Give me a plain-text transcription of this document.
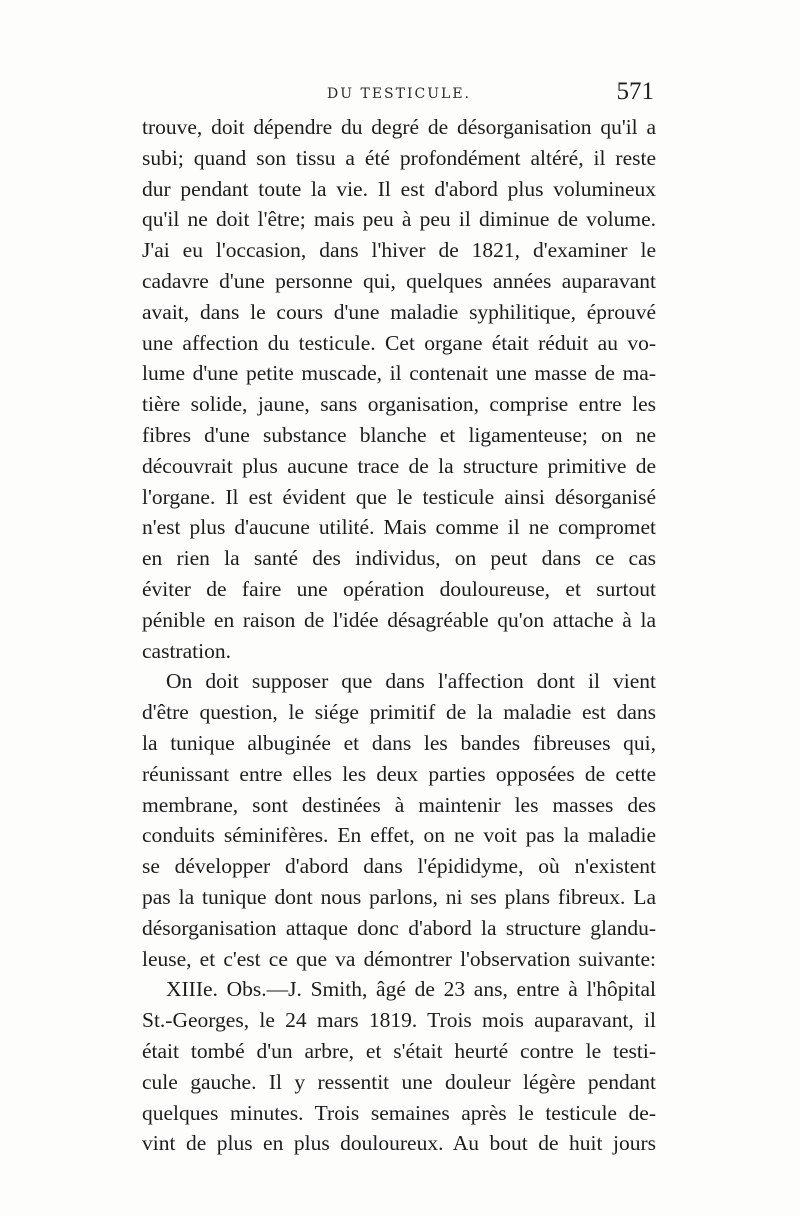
DU TESTICULE.	571
trouve, doit dépendre du degré de désorganisation qu'il a
subi; quand son tissu a été profondément altéré, il reste
dur pendant toute la vie. Il est d'abord plus volumineux
qu'il ne doit l'être; mais peu à peu il diminue de volume.
J'ai eu l'occasion, dans l'hiver de 1821, d'examiner le
cadavre d'une personne qui, quelques années auparavant
avait, dans le cours d'une maladie syphilitique, éprouvé
une affection du testicule. Cet organe était réduit au vo-
lume d'une petite muscade, il contenait une masse de ma-
tière solide, jaune, sans organisation, comprise entre les
fibres d'une substance blanche et ligamenteuse; on ne
découvrait plus aucune trace de la structure primitive de
l'organe. Il est évident que le testicule ainsi désorganisé
n'est plus d'aucune utilité. Mais comme il ne compromet
en rien la santé des individus, on peut dans ce cas
éviter de faire une opération douloureuse, et surtout
pénible en raison de l'idée désagréable qu'on attache à la
castration.
On doit supposer que dans l'affection dont il vient
d'être question, le siége primitif de la maladie est dans
la tunique albuginée et dans les bandes fibreuses qui,
réunissant entre elles les deux parties opposées de cette
membrane, sont destinées à maintenir les masses des
conduits séminifères. En effet, on ne voit pas la maladie
se développer d'abord dans l'épididyme, où n'existent
pas la tunique dont nous parlons, ni ses plans fibreux. La
désorganisation attaque donc d'abord la structure glandu-
leuse, et c'est ce que va démontrer l'observation suivante:
XIIIe. Obs.—J. Smith, âgé de 23 ans, entre à l'hôpital
St.-Georges, le 24 mars 1819. Trois mois auparavant, il
était tombé d'un arbre, et s'était heurté contre le testi-
cule gauche. Il y ressentit une douleur légère pendant
quelques minutes. Trois semaines après le testicule de-
vint de plus en plus douloureux. Au bout de huit jours
